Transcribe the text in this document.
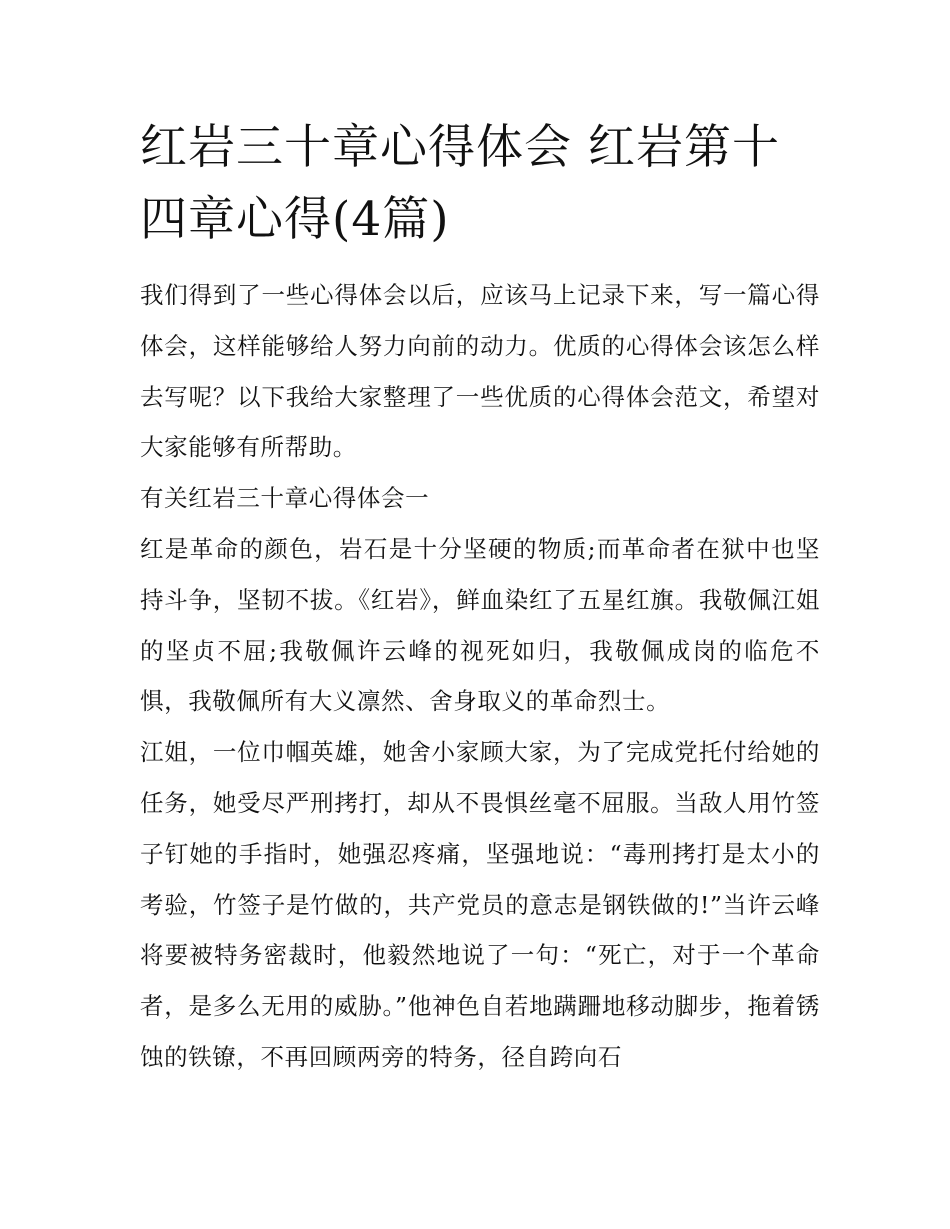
红岩三十章心得体会 红岩第十四章心得(4篇)

我们得到了一些心得体会以后，应该马上记录下来，写一篇心得体会，这样能够给人努力向前的动力。优质的心得体会该怎么样去写呢？以下我给大家整理了一些优质的心得体会范文，希望对大家能够有所帮助。

有关红岩三十章心得体会一

红是革命的颜色，岩石是十分坚硬的物质;而革命者在狱中也坚持斗争，坚韧不拔。《红岩》，鲜血染红了五星红旗。我敬佩江姐的坚贞不屈;我敬佩许云峰的视死如归，我敬佩成岗的临危不惧，我敬佩所有大义凛然、舍身取义的革命烈士。

江姐，一位巾帼英雄，她舍小家顾大家，为了完成党托付给她的任务，她受尽严刑拷打，却从不畏惧丝毫不屈服。当敌人用竹签子钉她的手指时，她强忍疼痛，坚强地说：“毒刑拷打是太小的考验，竹签子是竹做的，共产党员的意志是钢铁做的!”当许云峰将要被特务密裁时，他毅然地说了一句：“死亡，对于一个革命者，是多么无用的威胁。”他神色自若地蹒跚地移动脚步，拖着锈蚀的铁镣，不再回顾两旁的特务，径自跨向石
